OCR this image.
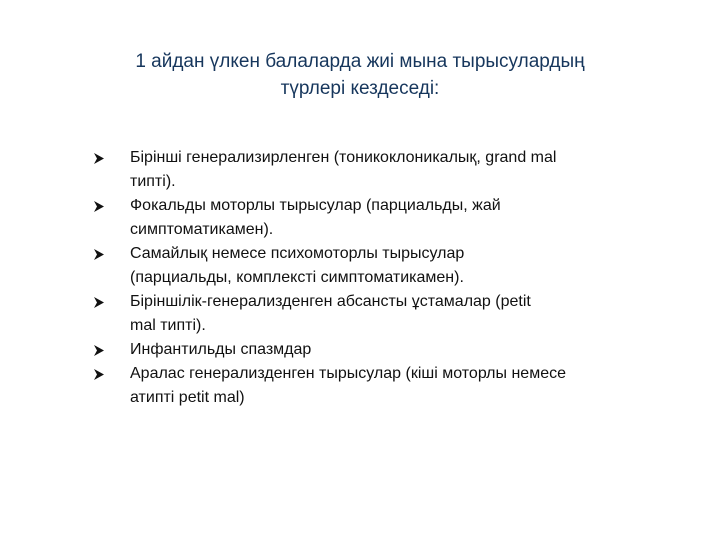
1 айдан үлкен балаларда жиі мына тырысулардың
түрлері кездеседі:
Бірінші генерализирленген (тоникоклоникалық, grand mal
типті).
Фокальды моторлы тырысулар (парциальды, жай
симптоматикамен).
Самайлық немесе психомоторлы тырысулар
(парциальды, комплексті симптоматикамен).
Біріншілік-генерализденген абсансты ұстамалар (petit
mal типті).
Инфантильды спазмдар
Аралас генерализденген тырысулар (кіші моторлы немесе
атипті petit mal)
